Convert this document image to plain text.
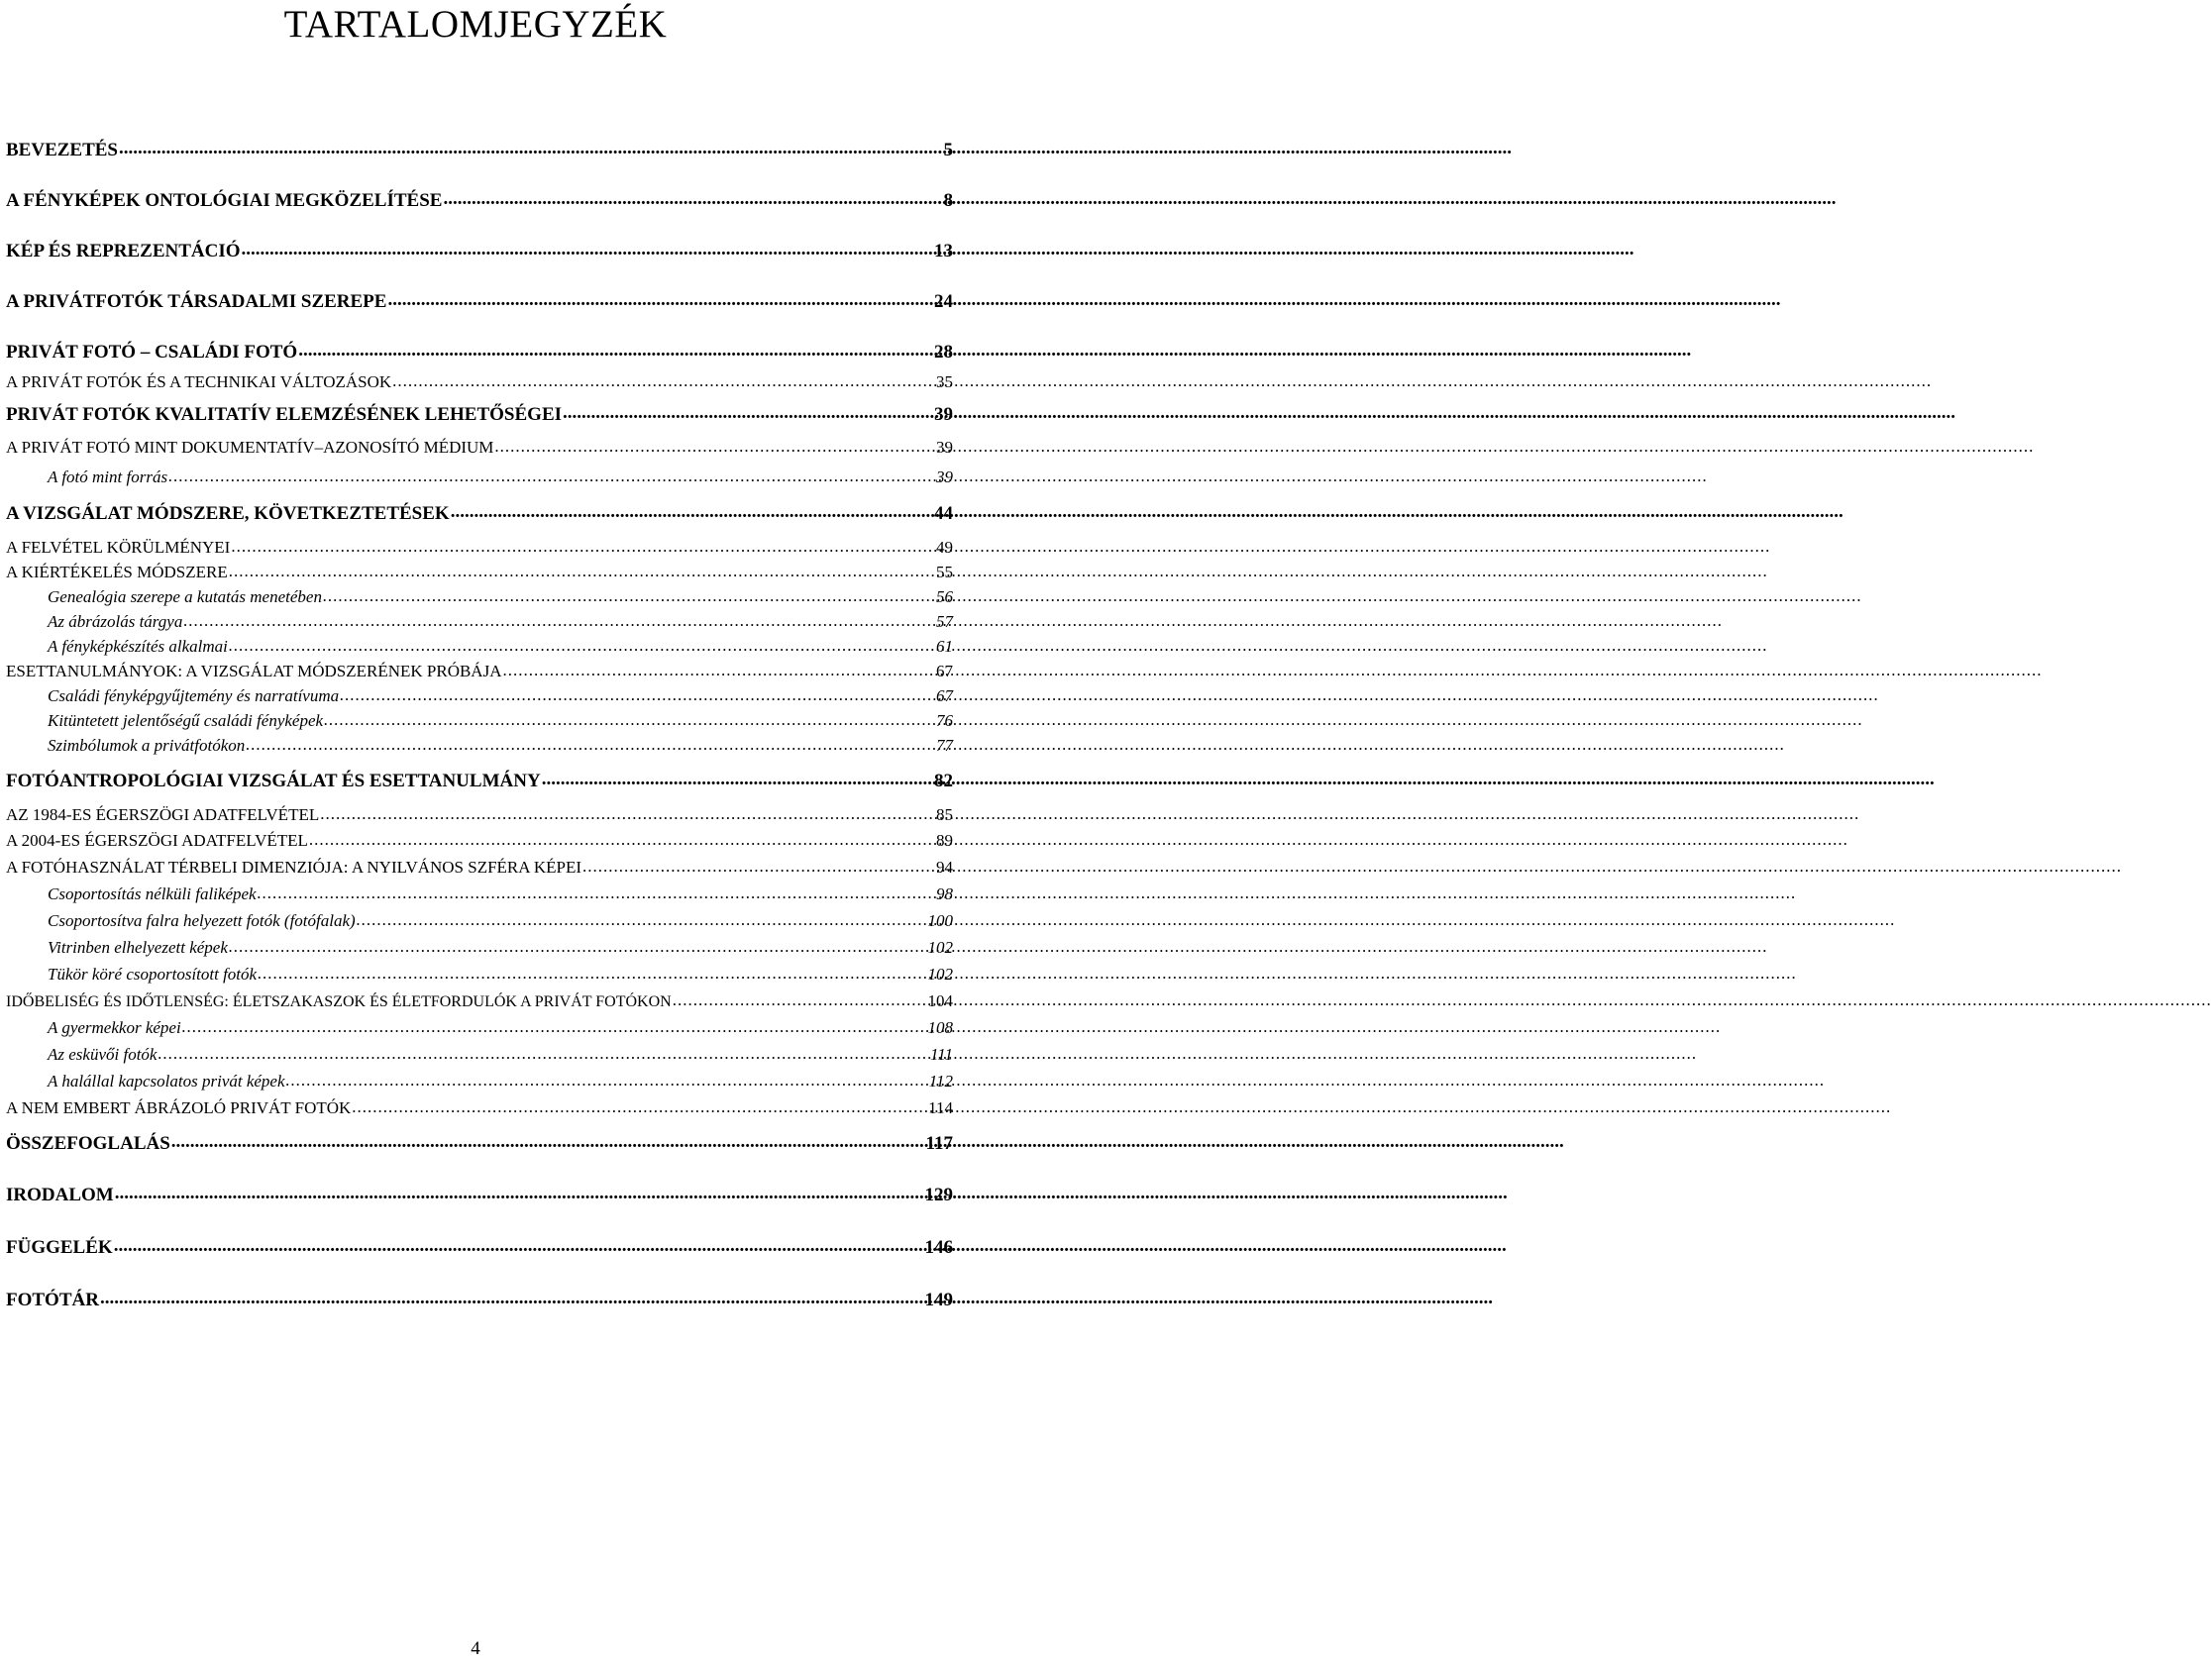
TARTALOMJEGYZÉK
BEVEZETÉS .....	5
A FÉNYKÉPEK ONTOLÓGIAI MEGKÖZELÍTÉSE .....	8
KÉP ÉS REPREZENTÁCIÓ .....	13
A PRIVÁTFOTÓK TÁRSADALMI SZEREPE .....	24
PRIVÁT FOTÓ – CSALÁDI FOTÓ .....	28
A PRIVÁT FOTÓK ÉS A TECHNIKAI VÁLTOZÁSOK .....	35
PRIVÁT FOTÓK KVALITATÍV ELEMZÉSÉNEK LEHETŐSÉGEI .....	39
A PRIVÁT FOTÓ MINT DOKUMENTATÍV–AZONOSÍTÓ MÉDIUM .....	39
A fotó mint forrás .....	39
A VIZSGÁLAT MÓDSZERE, KÖVETKEZTETÉSEK .....	44
A FELVÉTEL KÖRÜLMÉNYEI .....	49
A KIÉRTÉKELÉS MÓDSZERE .....	55
Genealógia szerepe a kutatás menetében .....	56
Az ábrázolás tárgya .....	57
A fényképkészítés alkalmai .....	61
ESETTANULMÁNYOK: A VIZSGÁLAT MÓDSZERÉNEK PRÓBÁJA .....	67
Családi fényképgyűjtemény és narratívuma .....	67
Kitüntetett jelentőségű családi fényképek .....	76
Szimbólumok a privátfotókon .....	77
FOTÓANTROPOLÓGIAI VIZSGÁLAT ÉS ESETTANULMÁNY .....	82
AZ 1984-ES ÉGERSZÖGI ADATFELVÉTEL .....	85
A 2004-ES ÉGERSZÖGI ADATFELVÉTEL .....	89
A FOTÓHASZNÁLAT TÉRBELI DIMENZIÓJA: A NYILVÁNOS SZFÉRA KÉPEI .....	94
Csoportosítás nélküli faliképek .....	98
Csoportosítva falra helyezett fotók (fotófalak) .....	100
Vitrinben elhelyezett képek .....	102
Tükör köré csoportosított fotók .....	102
IDŐBELISÉG ÉS IDŐTLENSÉG: ÉLETSZAKASZOK ÉS ÉLETFORDULÓK A PRIVÁT FOTÓKON .....	104
A gyermekkor képei .....	108
Az esküvői fotók .....	111
A halállal kapcsolatos privát képek .....	112
A NEM EMBERT ÁBRÁZOLÓ PRIVÁT FOTÓK .....	114
ÖSSZEFOGLALÁS .....	117
IRODALOM .....	129
FÜGGELÉK .....	146
FOTÓTÁR .....	149
4
